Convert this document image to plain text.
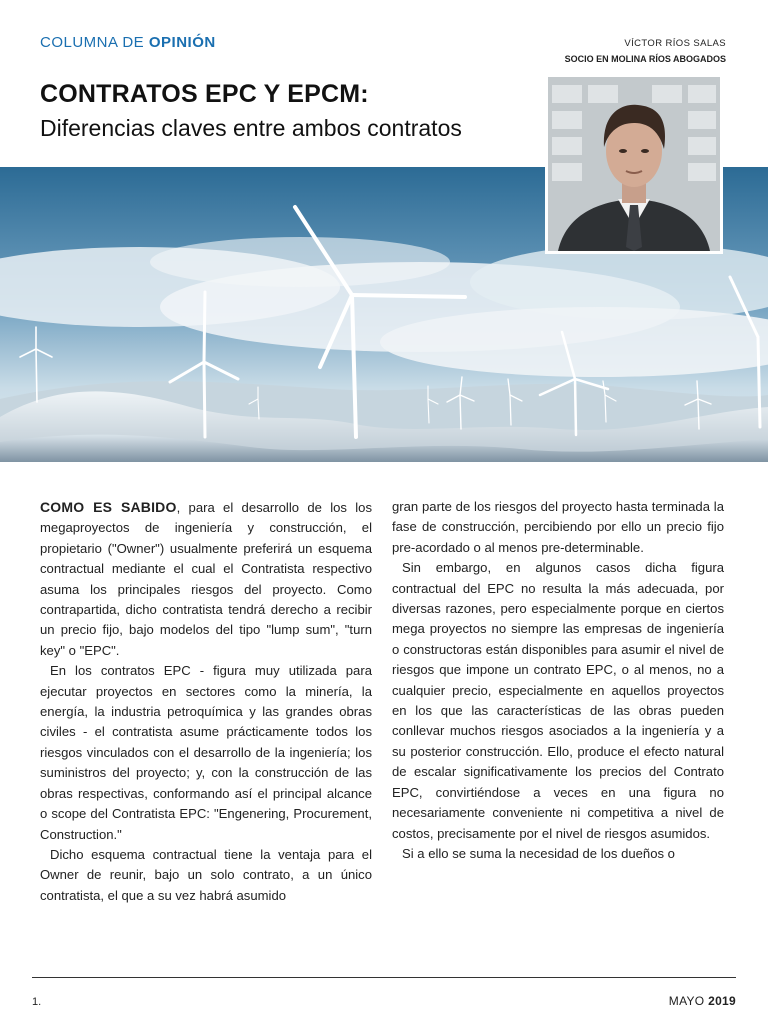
COLUMNA DE OPINIÓN	VÍCTOR RÍOS SALAS
SOCIO EN MOLINA RÍOS ABOGADOS
CONTRATOS EPC Y EPCM:
Diferencias claves entre ambos contratos

COMO ES SABIDO, para el desarrollo de los los megaproyectos de ingeniería y construcción, el propietario ("Owner") usualmente preferirá un esquema contractual mediante el cual el Contratista respectivo asuma los principales riesgos del proyecto. Como contrapartida, dicho contratista tendrá derecho a recibir un precio fijo, bajo modelos del tipo "lump sum", "turn key" o "EPC".

En los contratos EPC - figura muy utilizada para ejecutar proyectos en sectores como la minería, la energía, la industria petroquímica y las grandes obras civiles - el contratista asume prácticamente todos los riesgos vinculados con el desarrollo de la ingeniería; los suministros del proyecto; y, con la construcción de las obras respectivas, conformando así el principal alcance o scope del Contratista EPC: "Engenering, Procurement, Construction."

Dicho esquema contractual tiene la ventaja para el Owner de reunir, bajo un solo contrato, a un único contratista, el que a su vez habrá asumido

gran parte de los riesgos del proyecto hasta terminada la fase de construcción, percibiendo por ello un precio fijo pre-acordado o al menos pre-determinable.

Sin embargo, en algunos casos dicha figura contractual del EPC no resulta la más adecuada, por diversas razones, pero especialmente porque en ciertos mega proyectos no siempre las empresas de ingeniería o constructoras están disponibles para asumir el nivel de riesgos que impone un contrato EPC, o al menos, no a cualquier precio, especialmente en aquellos proyectos en los que las características de las obras pueden conllevar muchos riesgos asociados a la ingeniería y a su posterior construcción. Ello, produce el efecto natural de escalar significativamente los precios del Contrato EPC, convirtiéndose a veces en una figura no necesariamente conveniente ni competitiva a nivel de costos, precisamente por el nivel de riesgos asumidos.

Si a ello se suma la necesidad de los dueños o

1.	MAYO 2019
